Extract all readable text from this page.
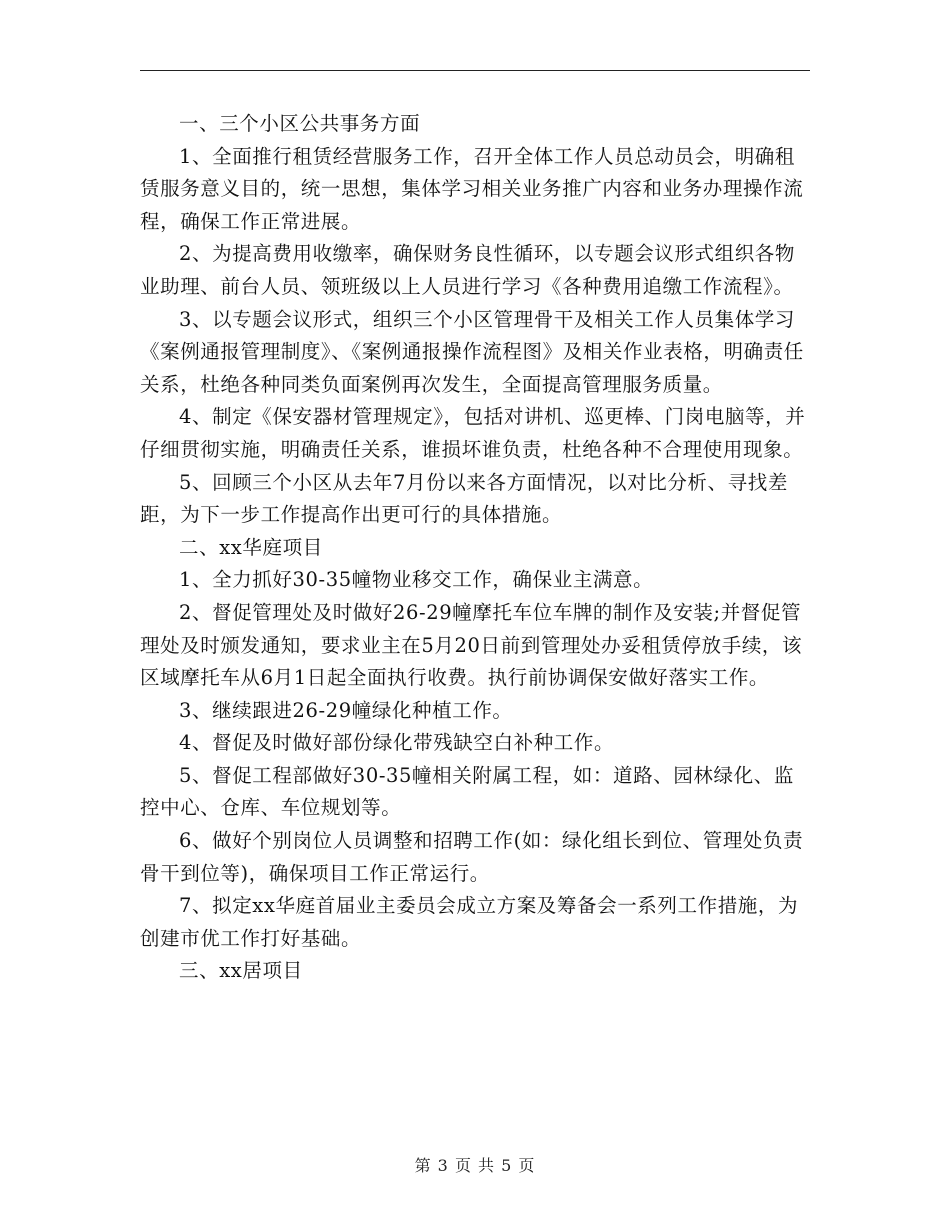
一、三个小区公共事务方面

1、全面推行租赁经营服务工作，召开全体工作人员总动员会，明确租赁服务意义目的，统一思想，集体学习相关业务推广内容和业务办理操作流程，确保工作正常进展。

2、为提高费用收缴率，确保财务良性循环，以专题会议形式组织各物业助理、前台人员、领班级以上人员进行学习《各种费用追缴工作流程》。

3、以专题会议形式，组织三个小区管理骨干及相关工作人员集体学习《案例通报管理制度》、《案例通报操作流程图》及相关作业表格，明确责任关系，杜绝各种同类负面案例再次发生，全面提高管理服务质量。

4、制定《保安器材管理规定》，包括对讲机、巡更棒、门岗电脑等，并仔细贯彻实施，明确责任关系，谁损坏谁负责，杜绝各种不合理使用现象。

5、回顾三个小区从去年7月份以来各方面情况，以对比分析、寻找差距，为下一步工作提高作出更可行的具体措施。

二、xx华庭项目

1、全力抓好30-35幢物业移交工作，确保业主满意。

2、督促管理处及时做好26-29幢摩托车位车牌的制作及安装;并督促管理处及时颁发通知，要求业主在5月20日前到管理处办妥租赁停放手续，该区域摩托车从6月1日起全面执行收费。执行前协调保安做好落实工作。

3、继续跟进26-29幢绿化种植工作。

4、督促及时做好部份绿化带残缺空白补种工作。

5、督促工程部做好30-35幢相关附属工程，如：道路、园林绿化、监控中心、仓库、车位规划等。

6、做好个别岗位人员调整和招聘工作(如：绿化组长到位、管理处负责骨干到位等)，确保项目工作正常运行。

7、拟定xx华庭首届业主委员会成立方案及筹备会一系列工作措施，为创建市优工作打好基础。

三、xx居项目

第 3 页 共 5 页
